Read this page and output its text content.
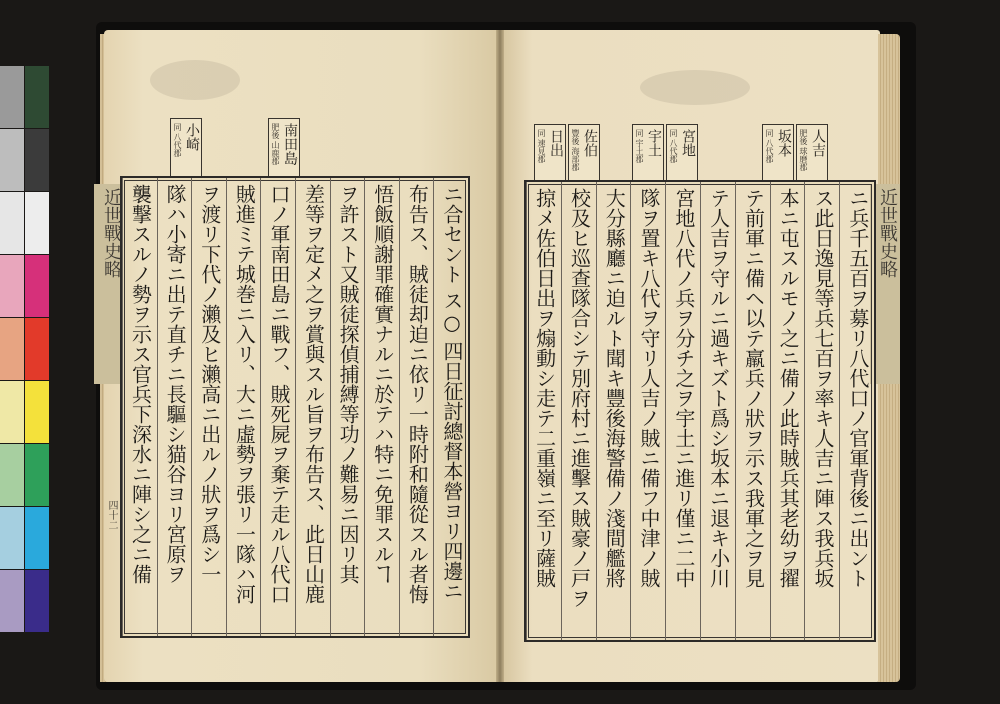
近世戰史略
四十二
小崎
同
八代郡	南田島
肥後
山鹿郡
ニ合セント ス○ 四日征討總督本營ヨリ四邊ニ
布告ス、賊徒却迫ニ依リ一時附和隨從スル者悔
悟飯順謝罪確實ナルニ於テハ特ニ免罪スルヿ
ヲ許スト又賊徒探偵捕縛等功ノ難易ニ因リ其
差等ヲ定メ之ヲ賞與スル旨ヲ布告ス、此日山鹿
口ノ軍南田島ニ戰フ、賊死屍ヲ棄テ走ル八代口
賊進ミテ城巻ニ入リ、大ニ虛勢ヲ張リ一隊ハ河
ヲ渡リ下代ノ瀨及ヒ瀨高ニ出ルノ狀ヲ爲シ一
隊ハ小寄ニ出テ直チニ長驅シ猫谷ヨリ宮原ヲ
襲撃スルノ勢ヲ示ス官兵下深水ニ陣シ之ニ備	近世戰史略
日出
同
速見郡	佐伯
豐後
海部郡
宇土
同
宇土郡	宮地
同
八代郡	坂本
同
八代郡	人吉
肥後
球磨郡
ニ兵千五百ヲ募リ八代口ノ官軍背後ニ出ント
ス此日逸見等兵七百ヲ率キ人吉ニ陣ス我兵坂
本ニ屯スルモノ之ニ備ノ此時賊兵其老幼ヲ擢
テ前軍ニ備ヘ以テ羸兵ノ狀ヲ示ス我軍之ヲ見
テ人吉ヲ守ルニ過キズト爲シ坂本ニ退キ小川
宮地八代ノ兵ヲ分チ之ヲ宇土ニ進リ僅ニ二中
隊ヲ置キ八代ヲ守リ人吉ノ賊ニ備フ中津ノ賊
大分縣廳ニ迫ルト聞キ豐後海警備ノ淺間艦將
校及ヒ巡查隊合シテ別府村ニ進擊ス賊豪ノ戸ヲ
掠メ佐伯日出ヲ煽動シ走テ二重嶺ニ至リ薩賊
